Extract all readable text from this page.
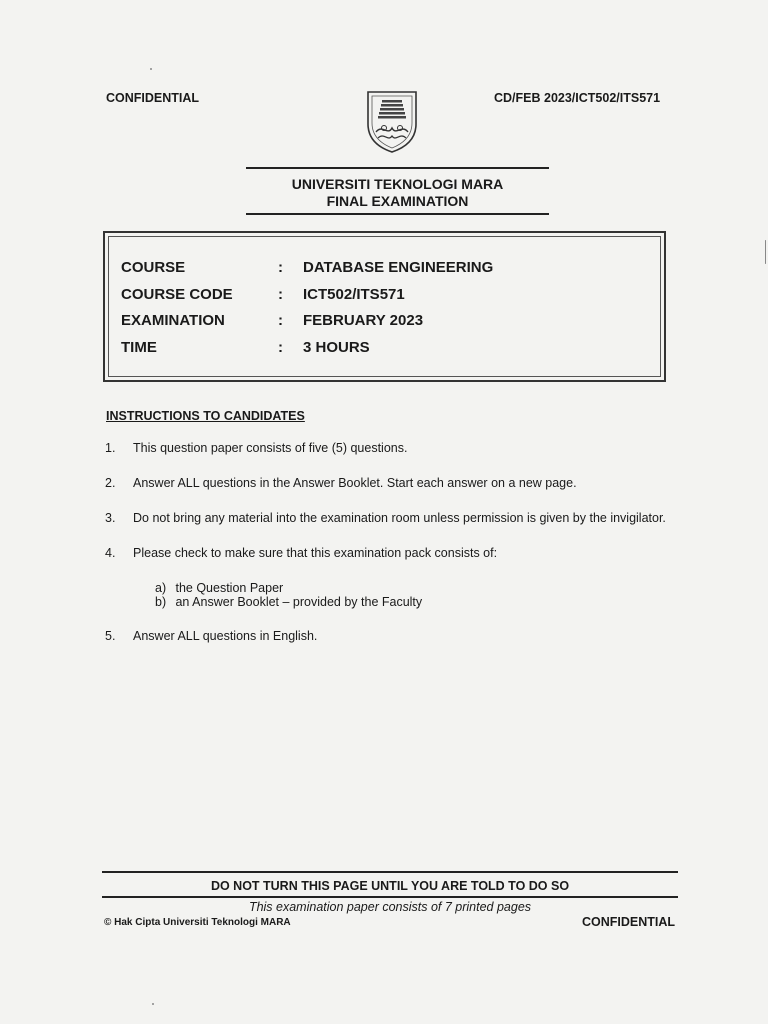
CONFIDENTIAL	CD/FEB 2023/ICT502/ITS571
UNIVERSITI TEKNOLOGI MARA
FINAL EXAMINATION
COURSE	: DATABASE ENGINEERING
COURSE CODE	: ICT502/ITS571
EXAMINATION	: FEBRUARY 2023
TIME	: 3 HOURS
INSTRUCTIONS TO CANDIDATES
1. This question paper consists of five (5) questions.
2. Answer ALL questions in the Answer Booklet. Start each answer on a new page.
3. Do not bring any material into the examination room unless permission is given by the invigilator.
4. Please check to make sure that this examination pack consists of:
a) the Question Paper
b) an Answer Booklet – provided by the Faculty
5. Answer ALL questions in English.
DO NOT TURN THIS PAGE UNTIL YOU ARE TOLD TO DO SO
This examination paper consists of 7 printed pages
© Hak Cipta Universiti Teknologi MARA	CONFIDENTIAL
